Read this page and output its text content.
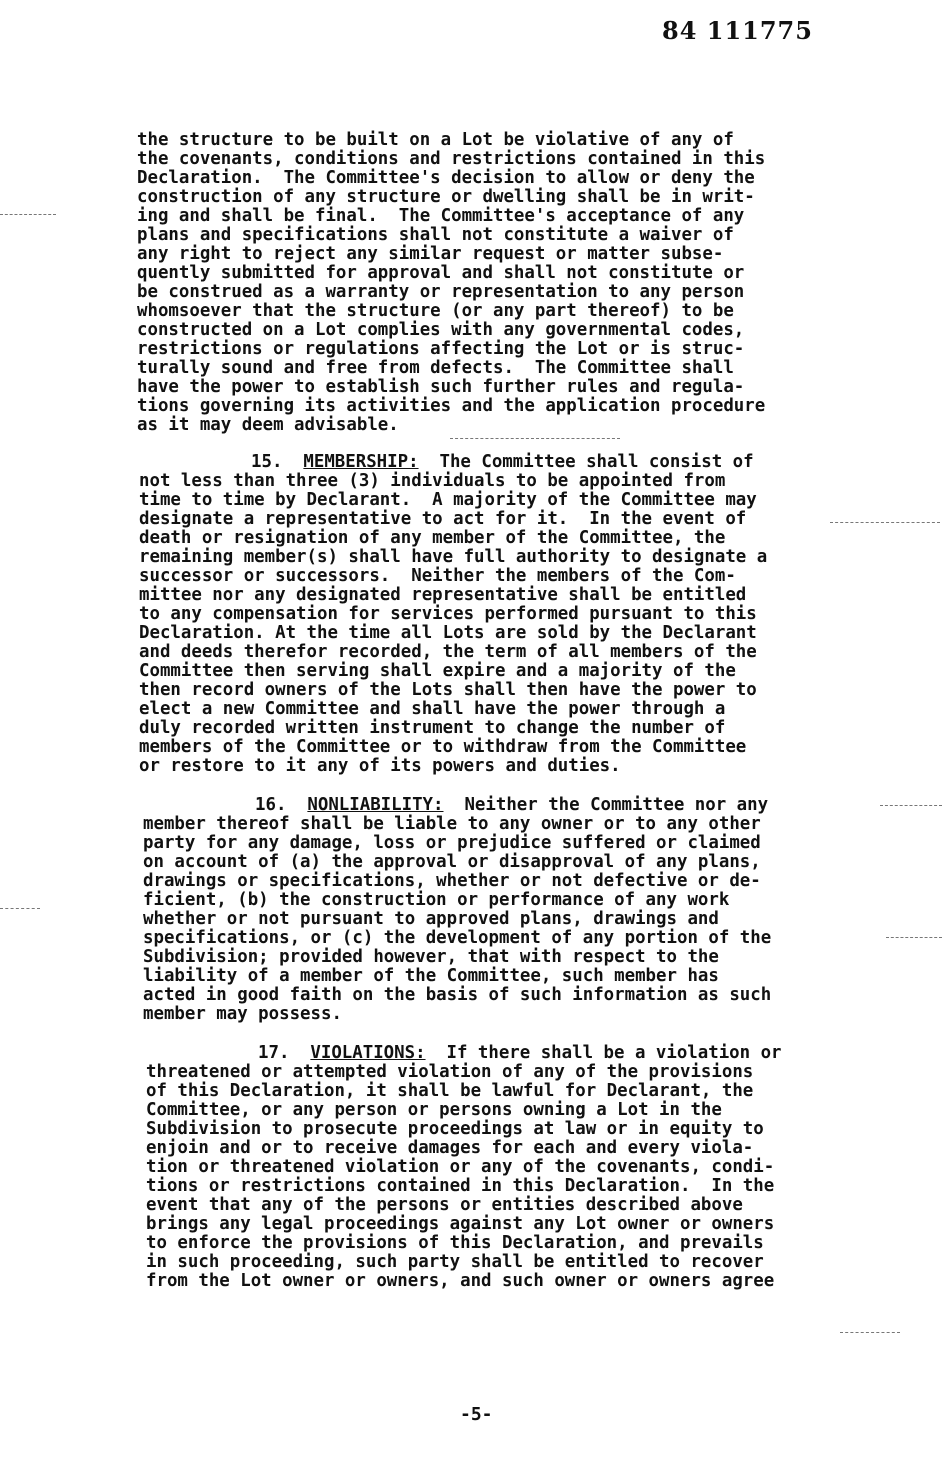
84 111775
the structure to be built on a Lot be violative of any of
the covenants, conditions and restrictions contained in this
Declaration.  The Committee's decision to allow or deny the
construction of any structure or dwelling shall be in writ-
ing and shall be final.  The Committee's acceptance of any
plans and specifications shall not constitute a waiver of
any right to reject any similar request or matter subse-
quently submitted for approval and shall not constitute or
be construed as a warranty or representation to any person
whomsoever that the structure (or any part thereof) to be
constructed on a Lot complies with any governmental codes,
restrictions or regulations affecting the Lot or is struc-
turally sound and free from defects.  The Committee shall
have the power to establish such further rules and regula-
tions governing its activities and the application procedure
as it may deem advisable.
15. MEMBERSHIP:  The Committee shall consist of
not less than three (3) individuals to be appointed from
time to time by Declarant.  A majority of the Committee may
designate a representative to act for it.  In the event of
death or resignation of any member of the Committee, the
remaining member(s) shall have full authority to designate a
successor or successors.  Neither the members of the Com-
mittee nor any designated representative shall be entitled
to any compensation for services performed pursuant to this
Declaration. At the time all Lots are sold by the Declarant
and deeds therefor recorded, the term of all members of the
Committee then serving shall expire and a majority of the
then record owners of the Lots shall then have the power to
elect a new Committee and shall have the power through a
duly recorded written instrument to change the number of
members of the Committee or to withdraw from the Committee
or restore to it any of its powers and duties.
16. NONLIABILITY:  Neither the Committee nor any
member thereof shall be liable to any owner or to any other
party for any damage, loss or prejudice suffered or claimed
on account of (a) the approval or disapproval of any plans,
drawings or specifications, whether or not defective or de-
ficient, (b) the construction or performance of any work
whether or not pursuant to approved plans, drawings and
specifications, or (c) the development of any portion of the
Subdivision; provided however, that with respect to the
liability of a member of the Committee, such member has
acted in good faith on the basis of such information as such
member may possess.
17. VIOLATIONS:  If there shall be a violation or
threatened or attempted violation of any of the provisions
of this Declaration, it shall be lawful for Declarant, the
Committee, or any person or persons owning a Lot in the
Subdivision to prosecute proceedings at law or in equity to
enjoin and or to receive damages for each and every viola-
tion or threatened violation or any of the covenants, condi-
tions or restrictions contained in this Declaration.  In the
event that any of the persons or entities described above
brings any legal proceedings against any Lot owner or owners
to enforce the provisions of this Declaration, and prevails
in such proceeding, such party shall be entitled to recover
from the Lot owner or owners, and such owner or owners agree
-5-
